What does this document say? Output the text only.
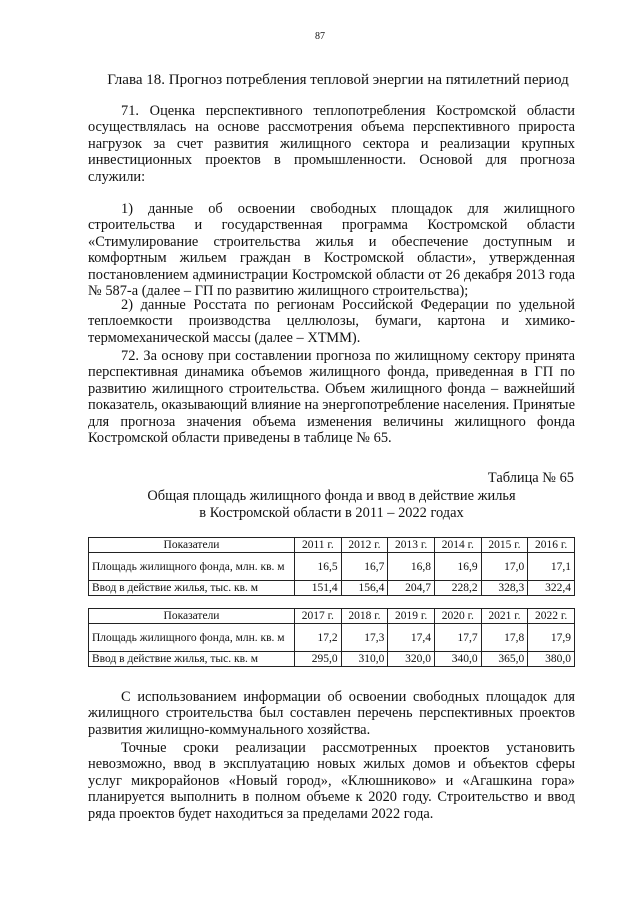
87
Глава 18. Прогноз потребления тепловой энергии на пятилетний период

71. Оценка перспективного теплопотребления Костромской области осуществлялась на основе рассмотрения объема перспективного прироста нагрузок за счет развития жилищного сектора и реализации крупных инвестиционных проектов в промышленности. Основой для прогноза служили:

1) данные об освоении свободных площадок для жилищного строительства и государственная программа Костромской области «Стимулирование строительства жилья и обеспечение доступным и комфортным жильем граждан в Костромской области», утвержденная постановлением администрации Костромской области от 26 декабря 2013 года № 587-а (далее – ГП по развитию жилищного строительства);

2) данные Росстата по регионам Российской Федерации по удельной теплоемкости производства целлюлозы, бумаги, картона и химико-термомеханической массы (далее – ХТММ).

72. За основу при составлении прогноза по жилищному сектору принята перспективная динамика объемов жилищного фонда, приведенная в ГП по развитию жилищного строительства. Объем жилищного фонда – важнейший показатель, оказывающий влияние на энергопотребление населения. Принятые для прогноза значения объема изменения величины жилищного фонда Костромской области приведены в таблице № 65.

Таблица № 65
Общая площадь жилищного фонда и ввод в действие жилья
в Костромской области в 2011 – 2022 годах
Показатели	2011 г.	2012 г.	2013 г.	2014 г.	2015 г.	2016 г.
Площадь жилищного фонда, млн. кв. м	16,5	16,7	16,8	16,9	17,0	17,1
Ввод в действие жилья, тыс. кв. м	151,4	156,4	204,7	228,2	328,3	322,4
Показатели	2017 г.	2018 г.	2019 г.	2020 г.	2021 г.	2022 г.
Площадь жилищного фонда, млн. кв. м	17,2	17,3	17,4	17,7	17,8	17,9
Ввод в действие жилья, тыс. кв. м	295,0	310,0	320,0	340,0	365,0	380,0

С использованием информации об освоении свободных площадок для жилищного строительства был составлен перечень перспективных проектов развития жилищно-коммунального хозяйства.

Точные сроки реализации рассмотренных проектов установить невозможно, ввод в эксплуатацию новых жилых домов и объектов сферы услуг микрорайонов «Новый город», «Клюшниково» и «Агашкина гора» планируется выполнить в полном объеме к 2020 году. Строительство и ввод ряда проектов будет находиться за пределами 2022 года.
